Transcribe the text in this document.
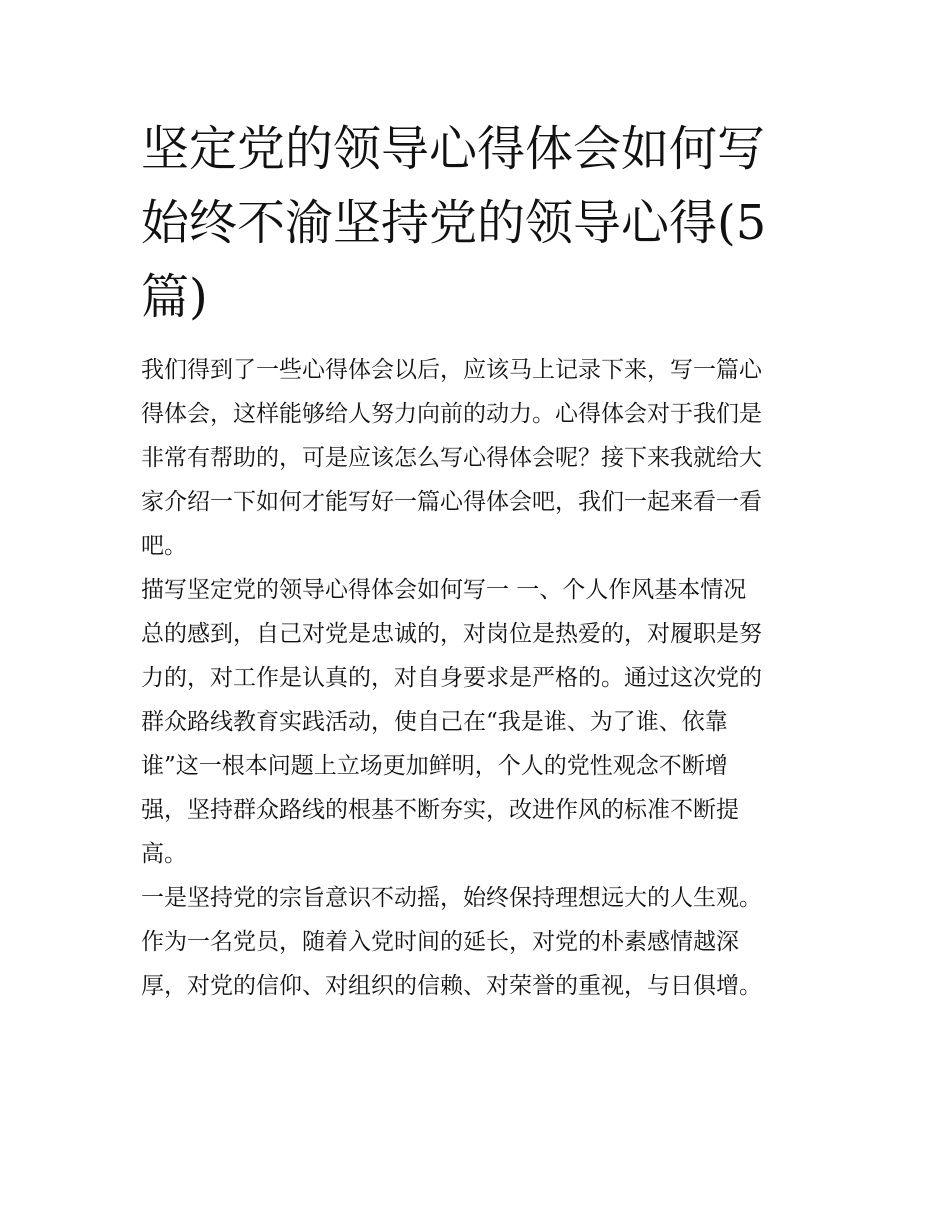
坚定党的领导心得体会如何写
始终不渝坚持党的领导心得(5
篇)

我们得到了一些心得体会以后，应该马上记录下来，写一篇心
得体会，这样能够给人努力向前的动力。心得体会对于我们是
非常有帮助的，可是应该怎么写心得体会呢？接下来我就给大
家介绍一下如何才能写好一篇心得体会吧，我们一起来看一看
吧。

描写坚定党的领导心得体会如何写一 一、个人作风基本情况
总的感到，自己对党是忠诚的，对岗位是热爱的，对履职是努
力的，对工作是认真的，对自身要求是严格的。通过这次党的
群众路线教育实践活动，使自己在“我是谁、为了谁、依靠
谁”这一根本问题上立场更加鲜明，个人的党性观念不断增
强，坚持群众路线的根基不断夯实，改进作风的标准不断提
高。

一是坚持党的宗旨意识不动摇，始终保持理想远大的人生观。
作为一名党员，随着入党时间的延长，对党的朴素感情越深
厚，对党的信仰、对组织的信赖、对荣誉的重视，与日俱增。
